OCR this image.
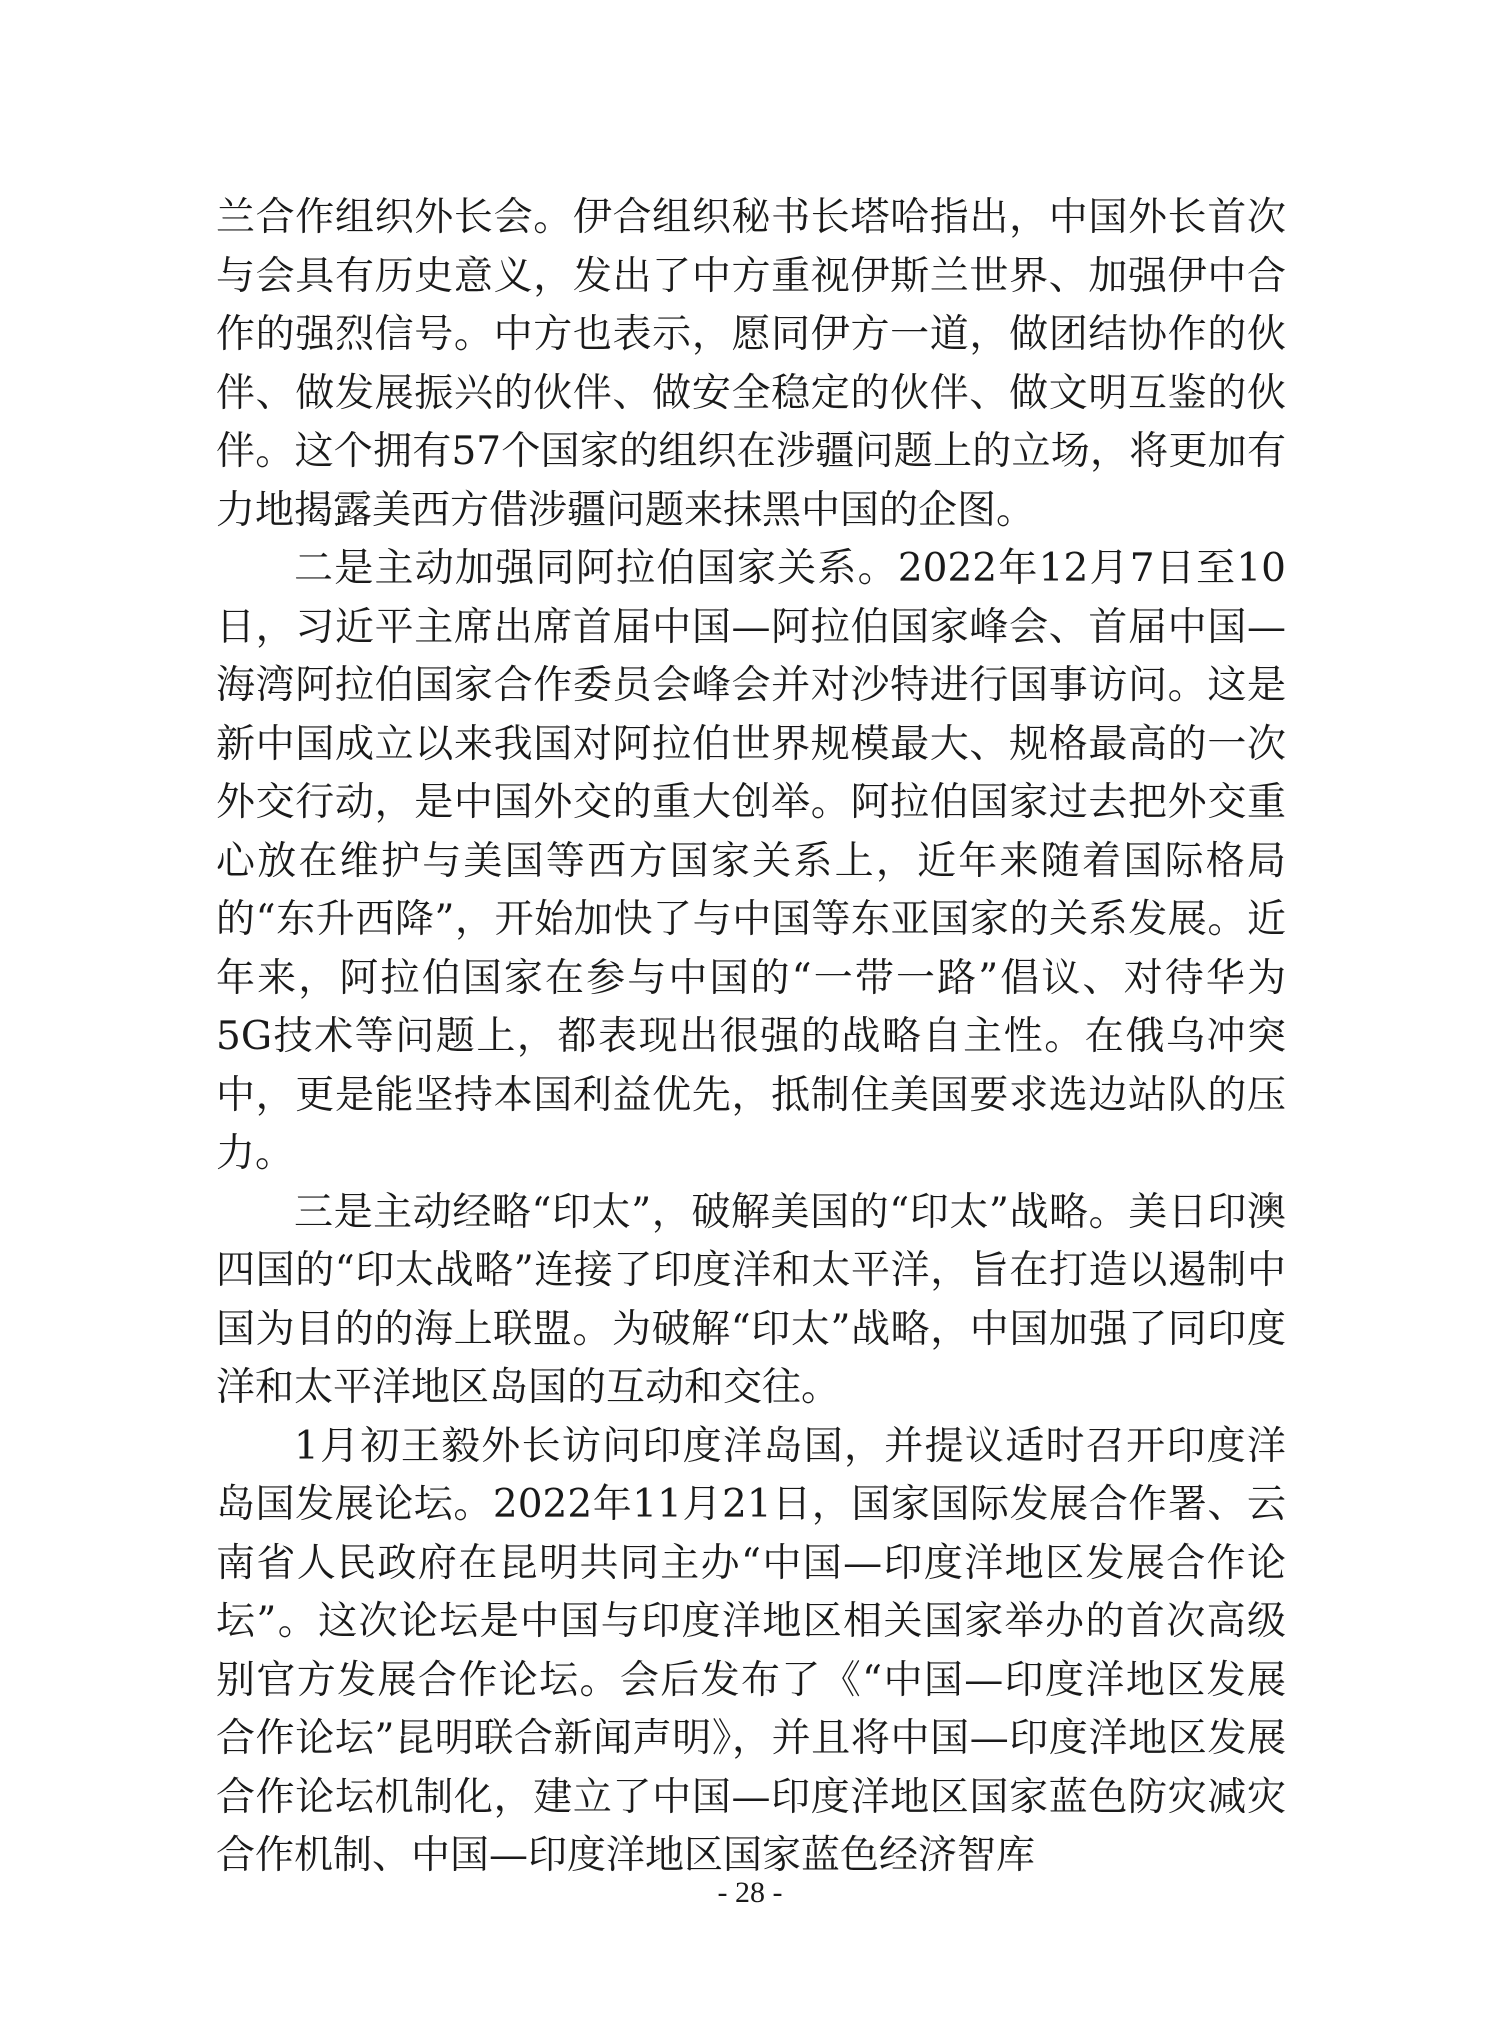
兰合作组织外长会。伊合组织秘书长塔哈指出，中国外长首次与会具有历史意义，发出了中方重视伊斯兰世界、加强伊中合作的强烈信号。中方也表示，愿同伊方一道，做团结协作的伙伴、做发展振兴的伙伴、做安全稳定的伙伴、做文明互鉴的伙伴。这个拥有57个国家的组织在涉疆问题上的立场，将更加有力地揭露美西方借涉疆问题来抹黑中国的企图。

二是主动加强同阿拉伯国家关系。2022年12月7日至10日，习近平主席出席首届中国—阿拉伯国家峰会、首届中国—海湾阿拉伯国家合作委员会峰会并对沙特进行国事访问。这是新中国成立以来我国对阿拉伯世界规模最大、规格最高的一次外交行动，是中国外交的重大创举。阿拉伯国家过去把外交重心放在维护与美国等西方国家关系上，近年来随着国际格局的“东升西降”，开始加快了与中国等东亚国家的关系发展。近年来，阿拉伯国家在参与中国的“一带一路”倡议、对待华为5G技术等问题上，都表现出很强的战略自主性。在俄乌冲突中，更是能坚持本国利益优先，抵制住美国要求选边站队的压力。

三是主动经略“印太”，破解美国的“印太”战略。美日印澳四国的“印太战略”连接了印度洋和太平洋，旨在打造以遏制中国为目的的海上联盟。为破解“印太”战略，中国加强了同印度洋和太平洋地区岛国的互动和交往。

1月初王毅外长访问印度洋岛国，并提议适时召开印度洋岛国发展论坛。2022年11月21日，国家国际发展合作署、云南省人民政府在昆明共同主办“中国—印度洋地区发展合作论坛”。这次论坛是中国与印度洋地区相关国家举办的首次高级别官方发展合作论坛。会后发布了《“中国—印度洋地区发展合作论坛”昆明联合新闻声明》，并且将中国—印度洋地区发展合作论坛机制化，建立了中国—印度洋地区国家蓝色防灾减灾合作机制、中国—印度洋地区国家蓝色经济智库

- 28 -
